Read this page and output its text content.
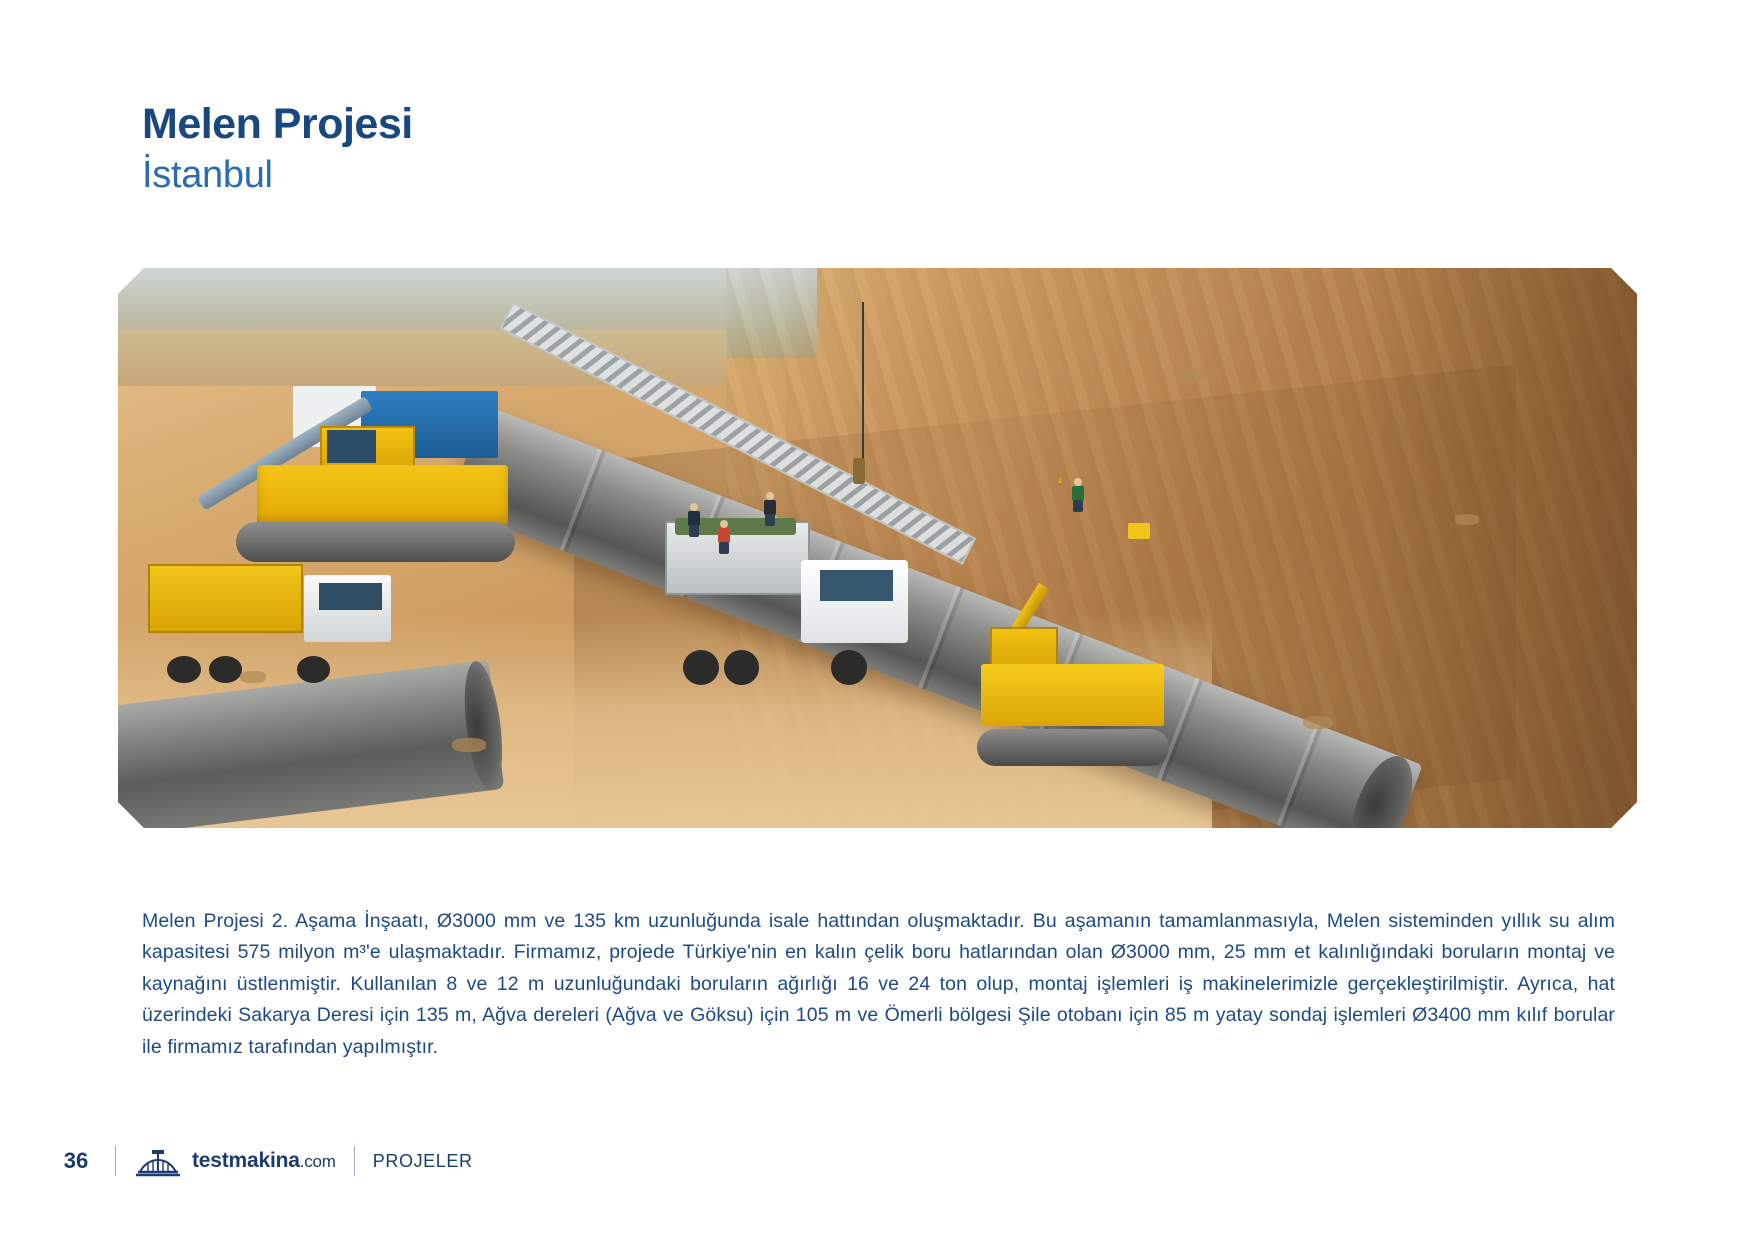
Melen Projesi
İstanbul

Melen Projesi 2. Aşama İnşaatı, Ø3000 mm ve 135 km uzunluğunda isale hattından oluşmaktadır. Bu aşamanın tamamlanmasıyla, Melen sisteminden yıllık su alım kapasitesi 575 milyon m³'e ulaşmaktadır. Firmamız, projede Türkiye'nin en kalın çelik boru hatlarından olan Ø3000 mm, 25 mm et kalınlığındaki boruların montaj ve kaynağını üstlenmiştir. Kullanılan 8 ve 12 m uzunluğundaki boruların ağırlığı 16 ve 24 ton olup, montaj işlemleri iş makinelerimizle gerçekleştirilmiştir. Ayrıca, hat üzerindeki Sakarya Deresi için 135 m, Ağva dereleri (Ağva ve Göksu) için 105 m ve Ömerli bölgesi Şile otobanı için 85 m yatay sondaj işlemleri Ø3400 mm kılıf borular ile firmamız tarafından yapılmıştır.

36	testmakina.com PROJELER
